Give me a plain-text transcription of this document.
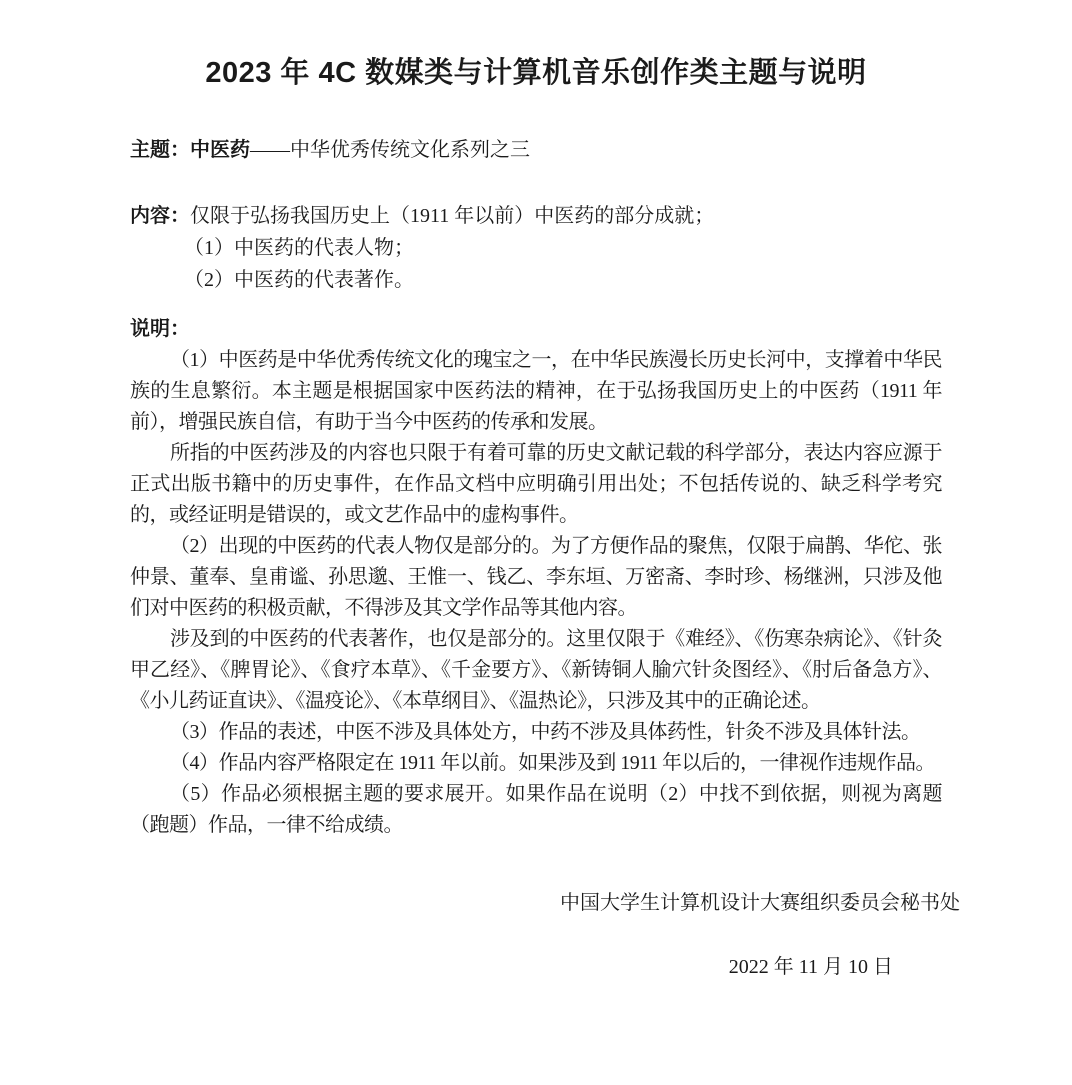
2023 年 4C 数媒类与计算机音乐创作类主题与说明

主题：中医药——中华优秀传统文化系列之三

内容：仅限于弘扬我国历史上（1911 年以前）中医药的部分成就；

（1）中医药的代表人物；

（2）中医药的代表著作。

说明：

（1）中医药是中华优秀传统文化的瑰宝之一，在中华民族漫长历史长河中，支撑着中华民族的生息繁衍。本主题是根据国家中医药法的精神，在于弘扬我国历史上的中医药（1911 年前），增强民族自信，有助于当今中医药的传承和发展。

所指的中医药涉及的内容也只限于有着可靠的历史文献记载的科学部分，表达内容应源于正式出版书籍中的历史事件，在作品文档中应明确引用出处；不包括传说的、缺乏科学考究的，或经证明是错误的，或文艺作品中的虚构事件。

（2）出现的中医药的代表人物仅是部分的。为了方便作品的聚焦，仅限于扁鹊、华佗、张仲景、董奉、皇甫谧、孙思邈、王惟一、钱乙、李东垣、万密斋、李时珍、杨继洲，只涉及他们对中医药的积极贡献，不得涉及其文学作品等其他内容。

涉及到的中医药的代表著作，也仅是部分的。这里仅限于《难经》、《伤寒杂病论》、《针灸甲乙经》、《脾胃论》、《食疗本草》、《千金要方》、《新铸铜人腧穴针灸图经》、《肘后备急方》、《小儿药证直诀》、《温疫论》、《本草纲目》、《温热论》，只涉及其中的正确论述。

（3）作品的表述，中医不涉及具体处方，中药不涉及具体药性，针灸不涉及具体针法。

（4）作品内容严格限定在 1911 年以前。如果涉及到 1911 年以后的，一律视作违规作品。

（5）作品必须根据主题的要求展开。如果作品在说明（2）中找不到依据，则视为离题（跑题）作品，一律不给成绩。

中国大学生计算机设计大赛组织委员会秘书处

2022 年 11 月 10 日
